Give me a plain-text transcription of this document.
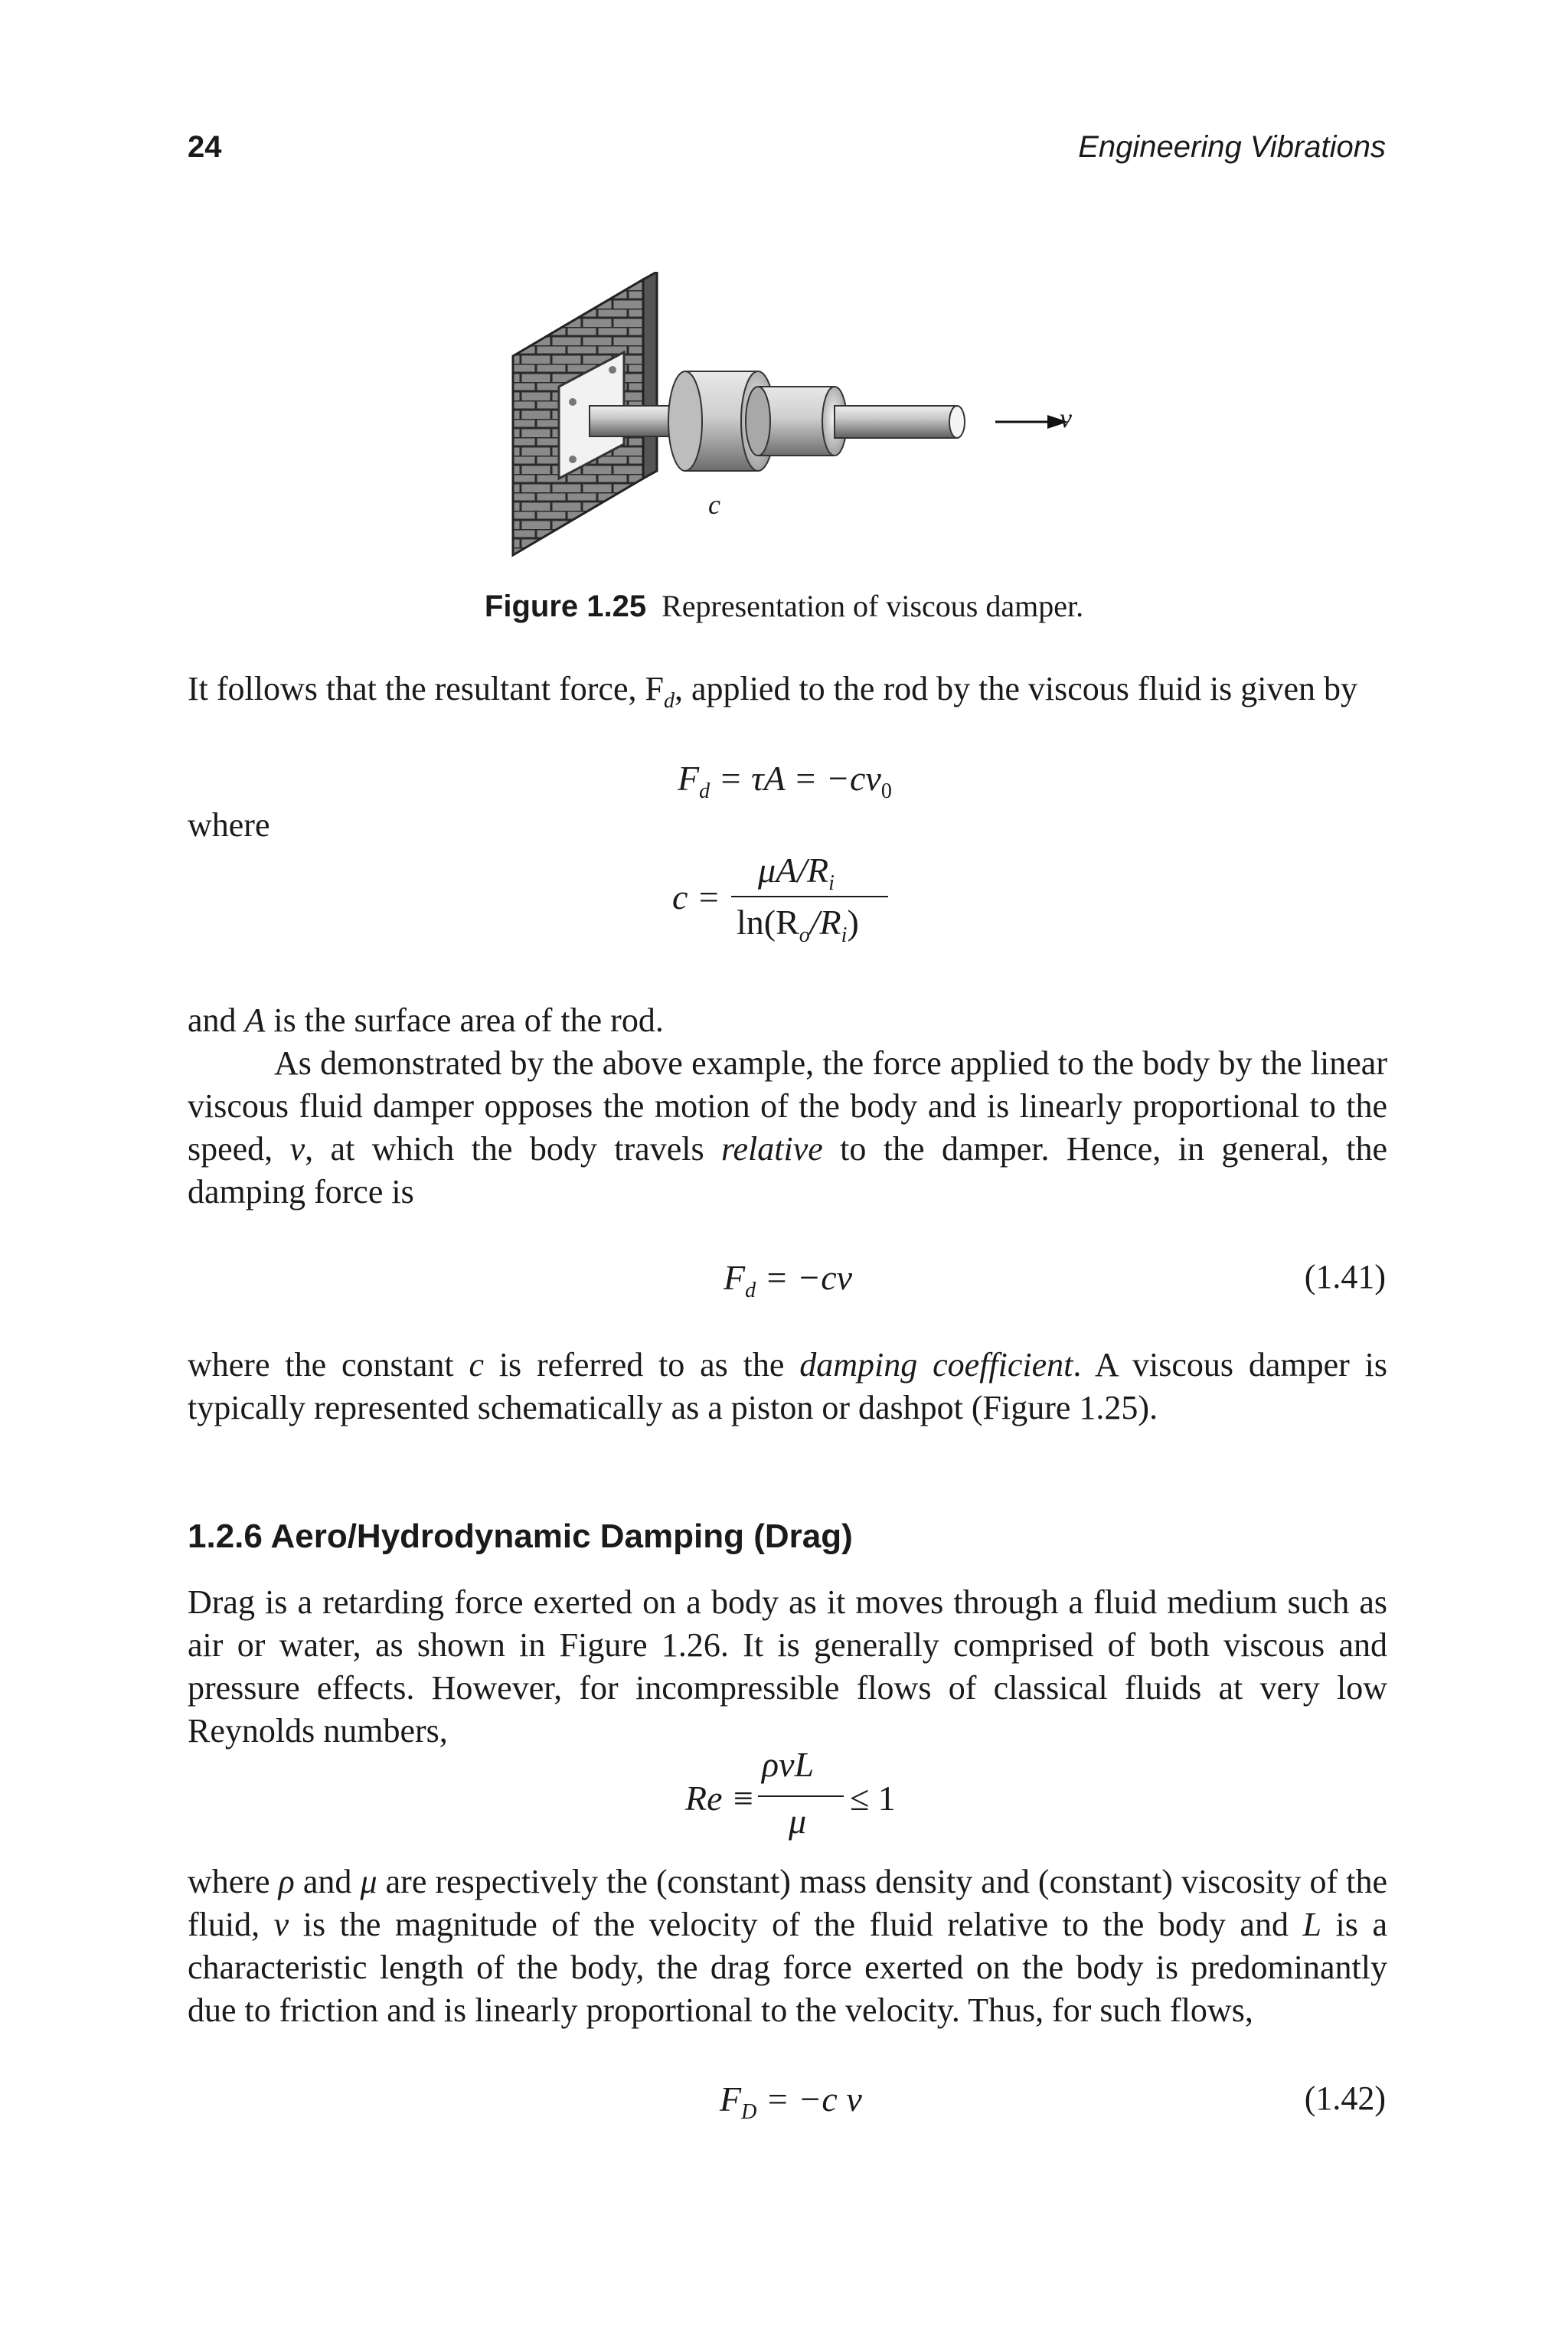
24	Engineering Vibrations
v
c
Figure 1.25 Representation of viscous damper.

It follows that the resultant force, $F_d$, applied to the rod by the viscous fluid is given by

$F_d = \tau A = -cv_0$
where
c =
$\mu A/R_i$
$\ln(R_o/R_i)$

and A is the surface area of the rod.

As demonstrated by the above example, the force applied to the body by the linear viscous fluid damper opposes the motion of the body and is linearly proportional to the speed, v, at which the body travels relative to the damper. Hence, in general, the damping force is

$F_d = -cv$	(1.41)

where the constant c is referred to as the damping coefficient. A viscous damper is typically represented schematically as a piston or dashpot (Figure 1.25).

1.2.6 Aero/Hydrodynamic Damping (Drag)

Drag is a retarding force exerted on a body as it moves through a fluid medium such as air or water, as shown in Figure 1.26. It is generally comprised of both viscous and pressure effects. However, for incompressible flows of classical fluids at very low Reynolds numbers,

Re ≡
ρvL
μ
≤ 1

where ρ and μ are respectively the (constant) mass density and (constant) viscosity of the fluid, v is the magnitude of the velocity of the fluid relative to the body and L is a characteristic length of the body, the drag force exerted on the body is predominantly due to friction and is linearly proportional to the velocity. Thus, for such flows,

$F_D = -c$ v	(1.42)
